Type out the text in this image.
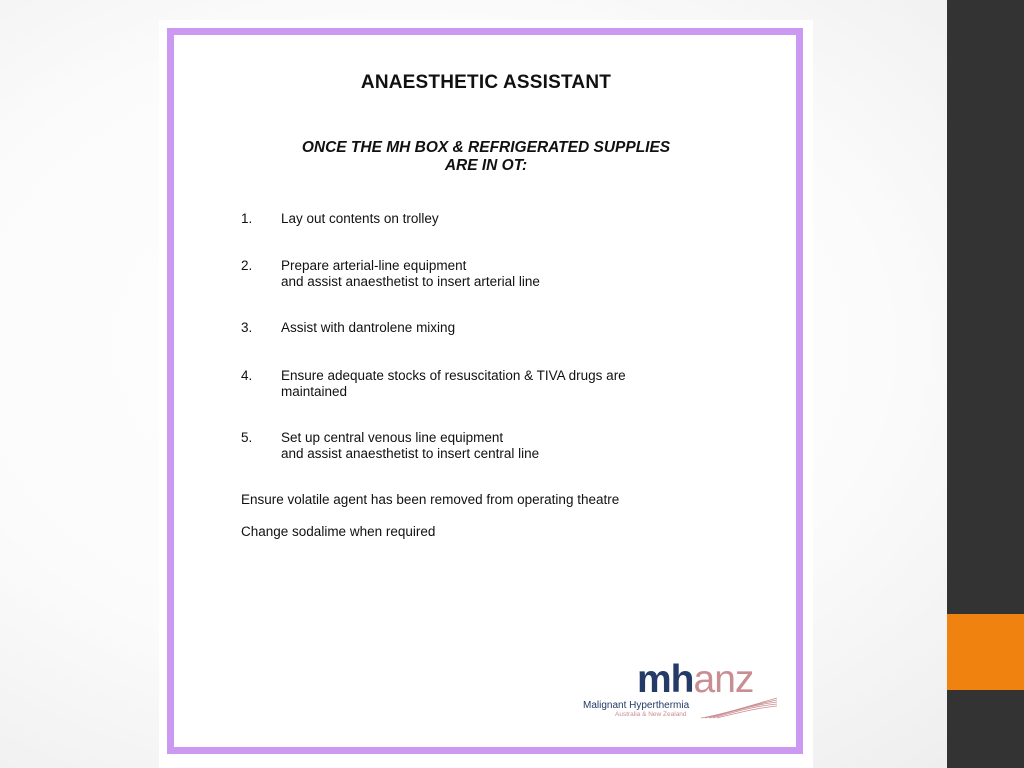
ANAESTHETIC ASSISTANT
ONCE THE MH BOX & REFRIGERATED SUPPLIES
ARE IN OT:
1.	Lay out contents on trolley
2.	Prepare arterial-line equipment
and assist anaesthetist to insert arterial line
3.	Assist with dantrolene mixing
4.	Ensure adequate stocks of resuscitation & TIVA drugs are
maintained
5.	Set up central venous line equipment
and assist anaesthetist to insert central line
Ensure volatile agent has been removed from operating theatre
Change sodalime when required
mhanz
Malignant Hyperthermia
Australia & New Zealand
